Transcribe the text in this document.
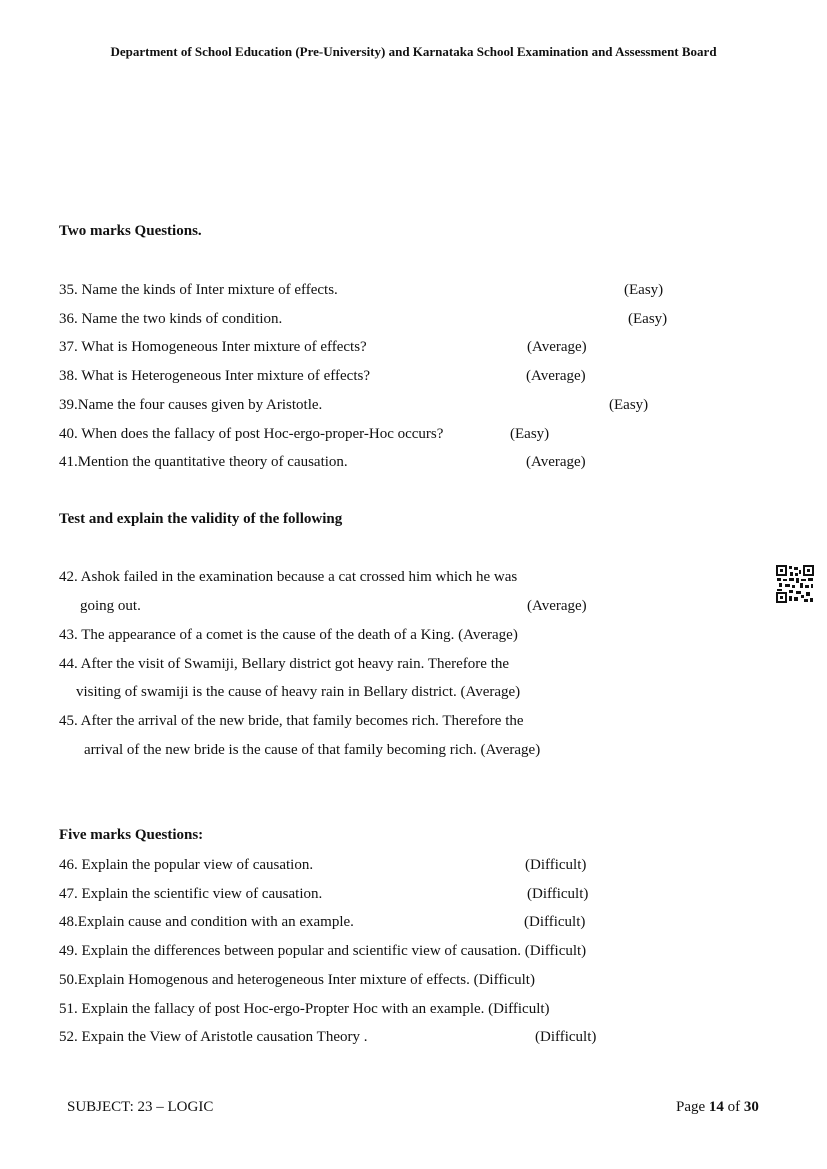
Department of School Education (Pre-University) and Karnataka School Examination and Assessment Board
Two marks Questions.
35. Name the kinds of Inter mixture of effects.	(Easy)
36. Name the two kinds of condition.	(Easy)
37. What is Homogeneous Inter mixture of effects?	(Average)
38. What is Heterogeneous Inter mixture of effects?	(Average)
39.Name the four causes given by Aristotle.	(Easy)
40. When does the fallacy of post Hoc-ergo-proper-Hoc occurs?	(Easy)
41.Mention the quantitative theory of causation.	(Average)
Test and explain the validity of the following
42. Ashok failed in the examination because a cat crossed him which he was
going out.	(Average)
43. The appearance of a comet is the cause of the death of a King. (Average)
44. After the visit of Swamiji, Bellary district got heavy rain. Therefore the
visiting of swamiji is the cause of heavy rain in Bellary district. (Average)
45. After the arrival of the new bride, that family becomes rich. Therefore the
arrival of the new bride is the cause of that family becoming rich. (Average)
Five marks Questions:
46. Explain the popular view of causation.	(Difficult)
47. Explain the scientific view of causation.	(Difficult)
48.Explain cause and condition with an example.	(Difficult)
49. Explain the differences between popular and scientific view of causation. (Difficult)
50.Explain Homogenous and heterogeneous Inter mixture of effects. (Difficult)
51. Explain the fallacy of post Hoc-ergo-Propter Hoc with an example. (Difficult)
52. Expain the View of Aristotle causation Theory .	(Difficult)
SUBJECT: 23 – LOGIC	Page 14 of 30
